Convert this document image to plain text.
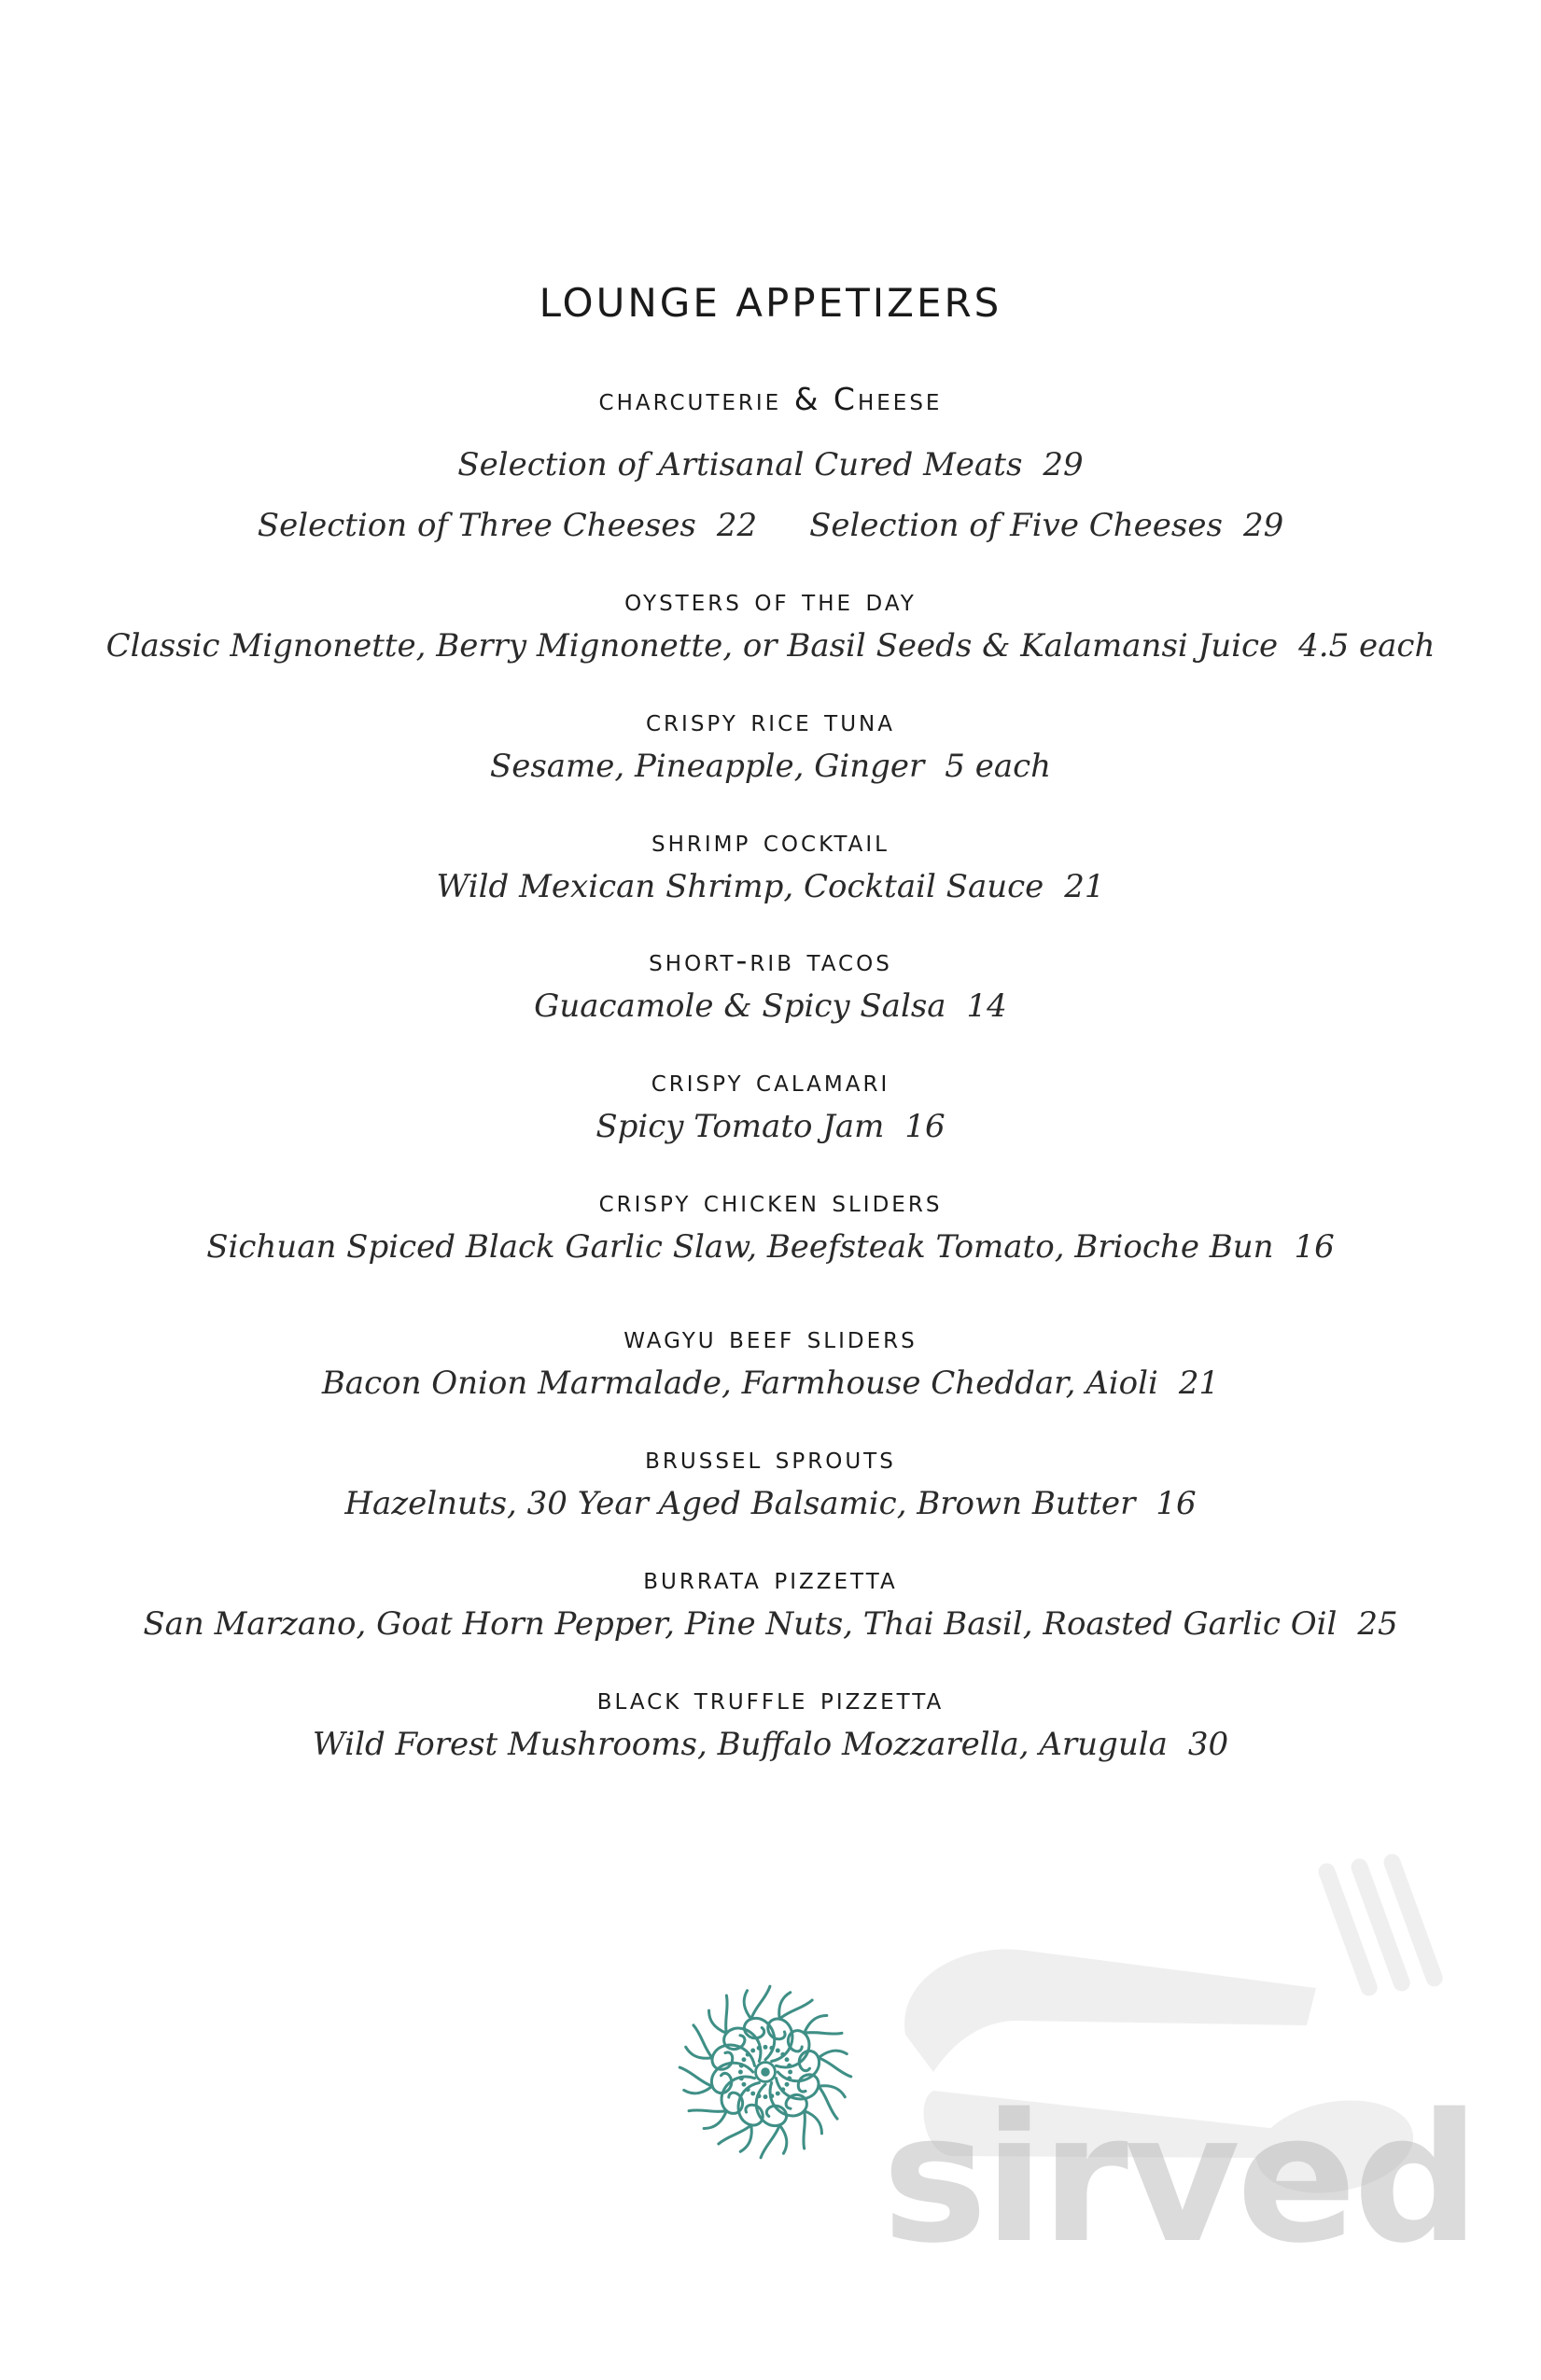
LOUNGE APPETIZERS
charcuterie & Cheese
Selection of Artisanal Cured Meats 29
Selection of Three Cheeses 22 Selection of Five Cheeses 29
oysters of the day
Classic Mignonette, Berry Mignonette, or Basil Seeds & Kalamansi Juice 4.5 each
crispy rice tuna
Sesame, Pineapple, Ginger 5 each
shrimp cocktail
Wild Mexican Shrimp, Cocktail Sauce 21
short-rib tacos
Guacamole & Spicy Salsa 14
crispy calamari
Spicy Tomato Jam 16
crispy chicken sliders
Sichuan Spiced Black Garlic Slaw, Beefsteak Tomato, Brioche Bun 16
wagyu beef sliders
Bacon Onion Marmalade, Farmhouse Cheddar, Aioli 21
brussel sprouts
Hazelnuts, 30 Year Aged Balsamic, Brown Butter 16
burrata pizzetta
San Marzano, Goat Horn Pepper, Pine Nuts, Thai Basil, Roasted Garlic Oil 25
black truffle pizzetta
Wild Forest Mushrooms, Buffalo Mozzarella, Arugula 30
sirved
